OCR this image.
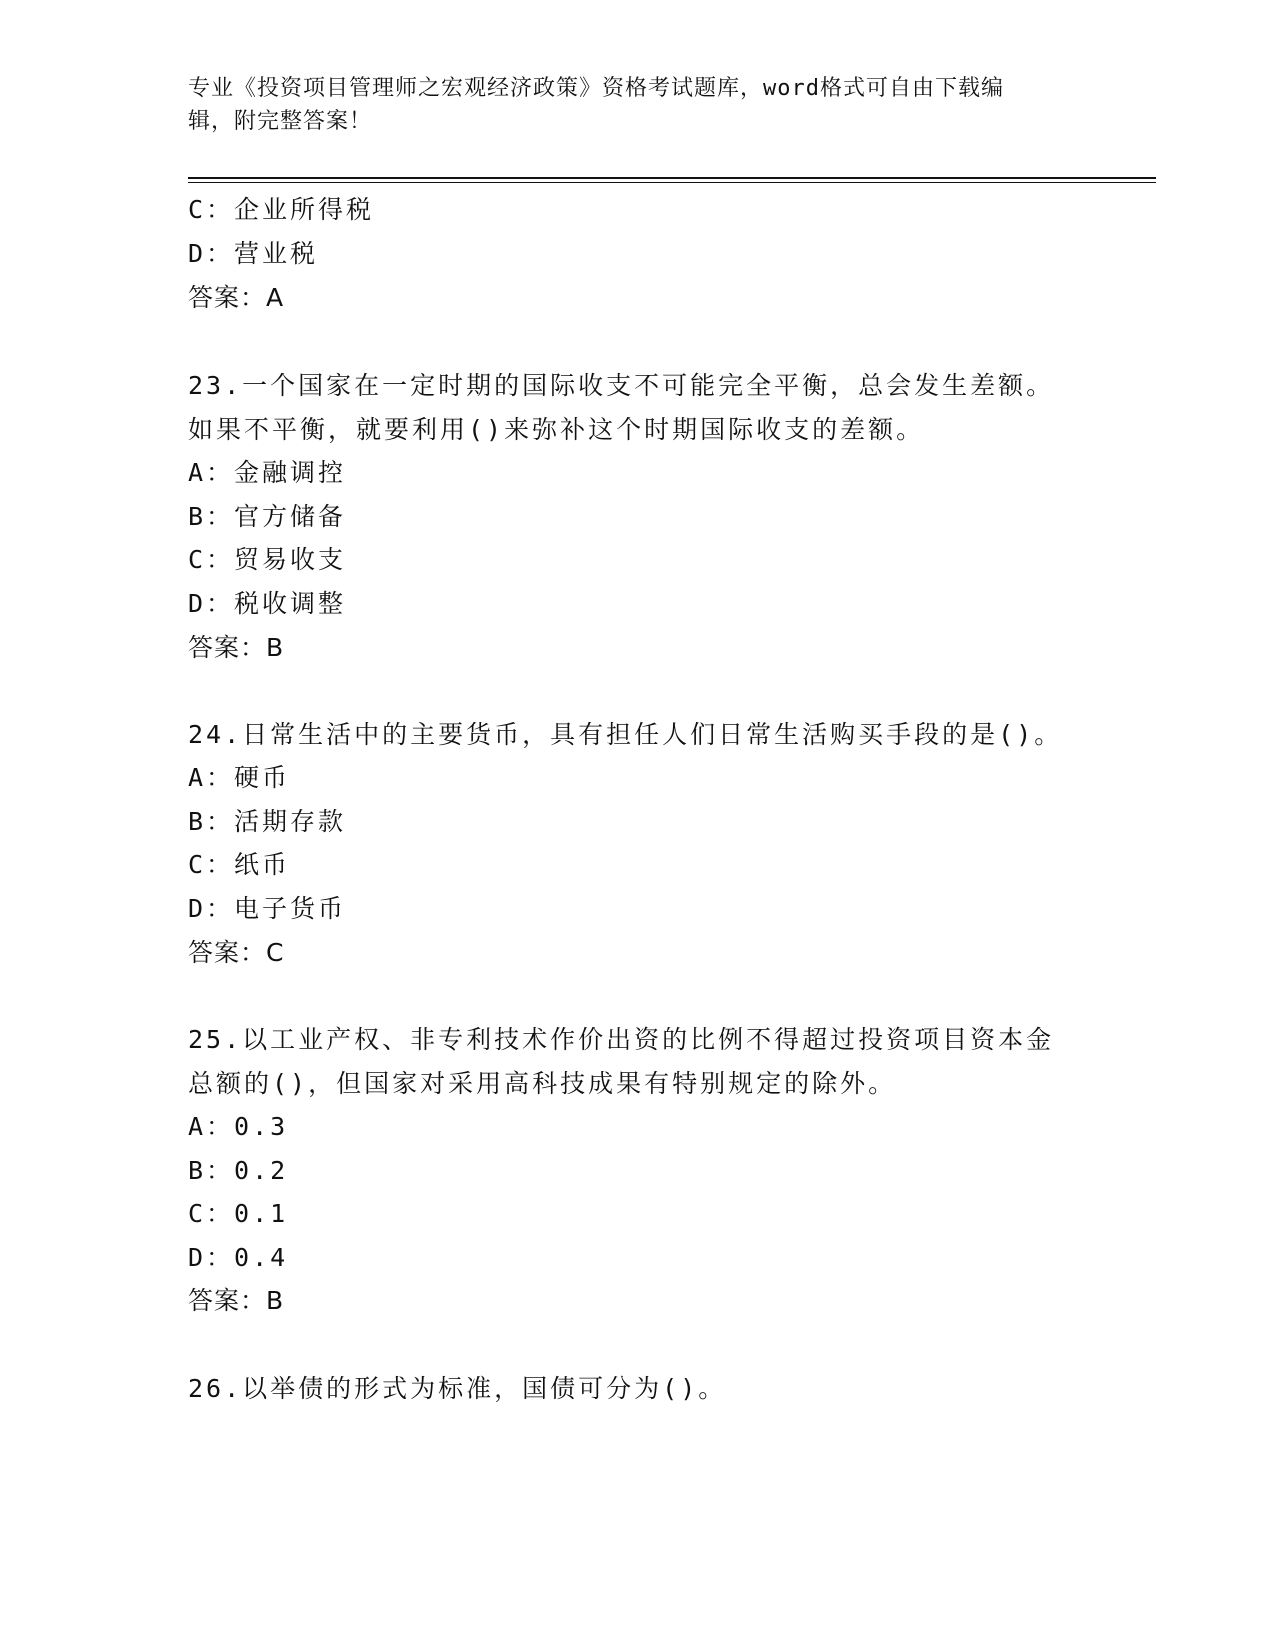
专业《投资项目管理师之宏观经济政策》资格考试题库，word格式可自由下载编
辑，附完整答案！
C：企业所得税
D：营业税
答案：A
23.一个国家在一定时期的国际收支不可能完全平衡，总会发生差额。
如果不平衡，就要利用()来弥补这个时期国际收支的差额。
A：金融调控
B：官方储备
C：贸易收支
D：税收调整
答案：B
24.日常生活中的主要货币，具有担任人们日常生活购买手段的是()。
A：硬币
B：活期存款
C：纸币
D：电子货币
答案：C
25.以工业产权、非专利技术作价出资的比例不得超过投资项目资本金
总额的()，但国家对采用高科技成果有特别规定的除外。
A：0.3
B：0.2
C：0.1
D：0.4
答案：B
26.以举债的形式为标准，国债可分为()。
